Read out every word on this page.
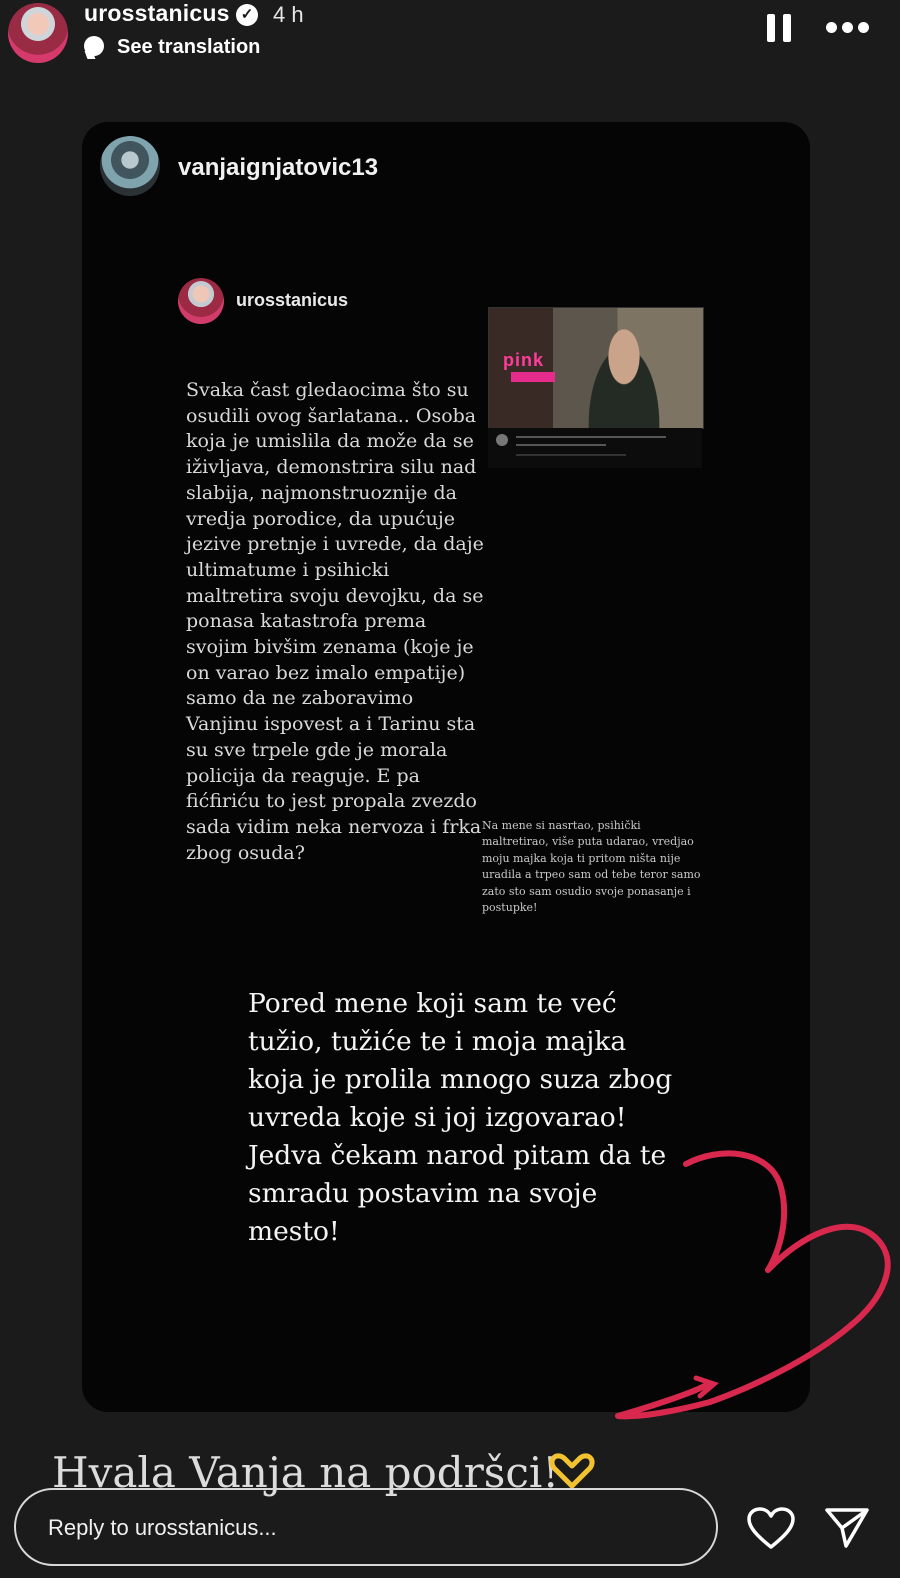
urosstanicus ✓ 4 h
See translation
vanjaignjatovic13
urosstanicus
pink

Svaka čast gledaocima što su osudili ovog šarlatana.. Osoba koja je umislila da može da se iživljava, demonstrira silu nad slabija, najmonstruoznije da vredja porodice, da upućuje jezive pretnje i uvrede, da daje ultimatume i psihicki maltretira svoju devojku, da se ponasa katastrofa prema svojim bivšim zenama (koje je on varao bez imalo empatije) samo da ne zaboravimo Vanjinu ispovest a i Tarinu sta su sve trpele gde je morala policija da reaguje. E pa fićfiriću to jest propala zvezdo sada vidim neka nervoza i frka zbog osuda?

Na mene si nasrtao, psihički maltretirao, više puta udarao, vredjao moju majka koja ti pritom ništa nije uradila a trpeo sam od tebe teror samo zato sto sam osudio svoje ponasanje i postupke!

Pored mene koji sam te već tužio, tužiće te i moja majka koja je prolila mnogo suza zbog uvreda koje si joj izgovarao! Jedva čekam narod pitam da te smradu postavim na svoje mesto!

Hvala Vanja na podršci!
Reply to urosstanicus...
